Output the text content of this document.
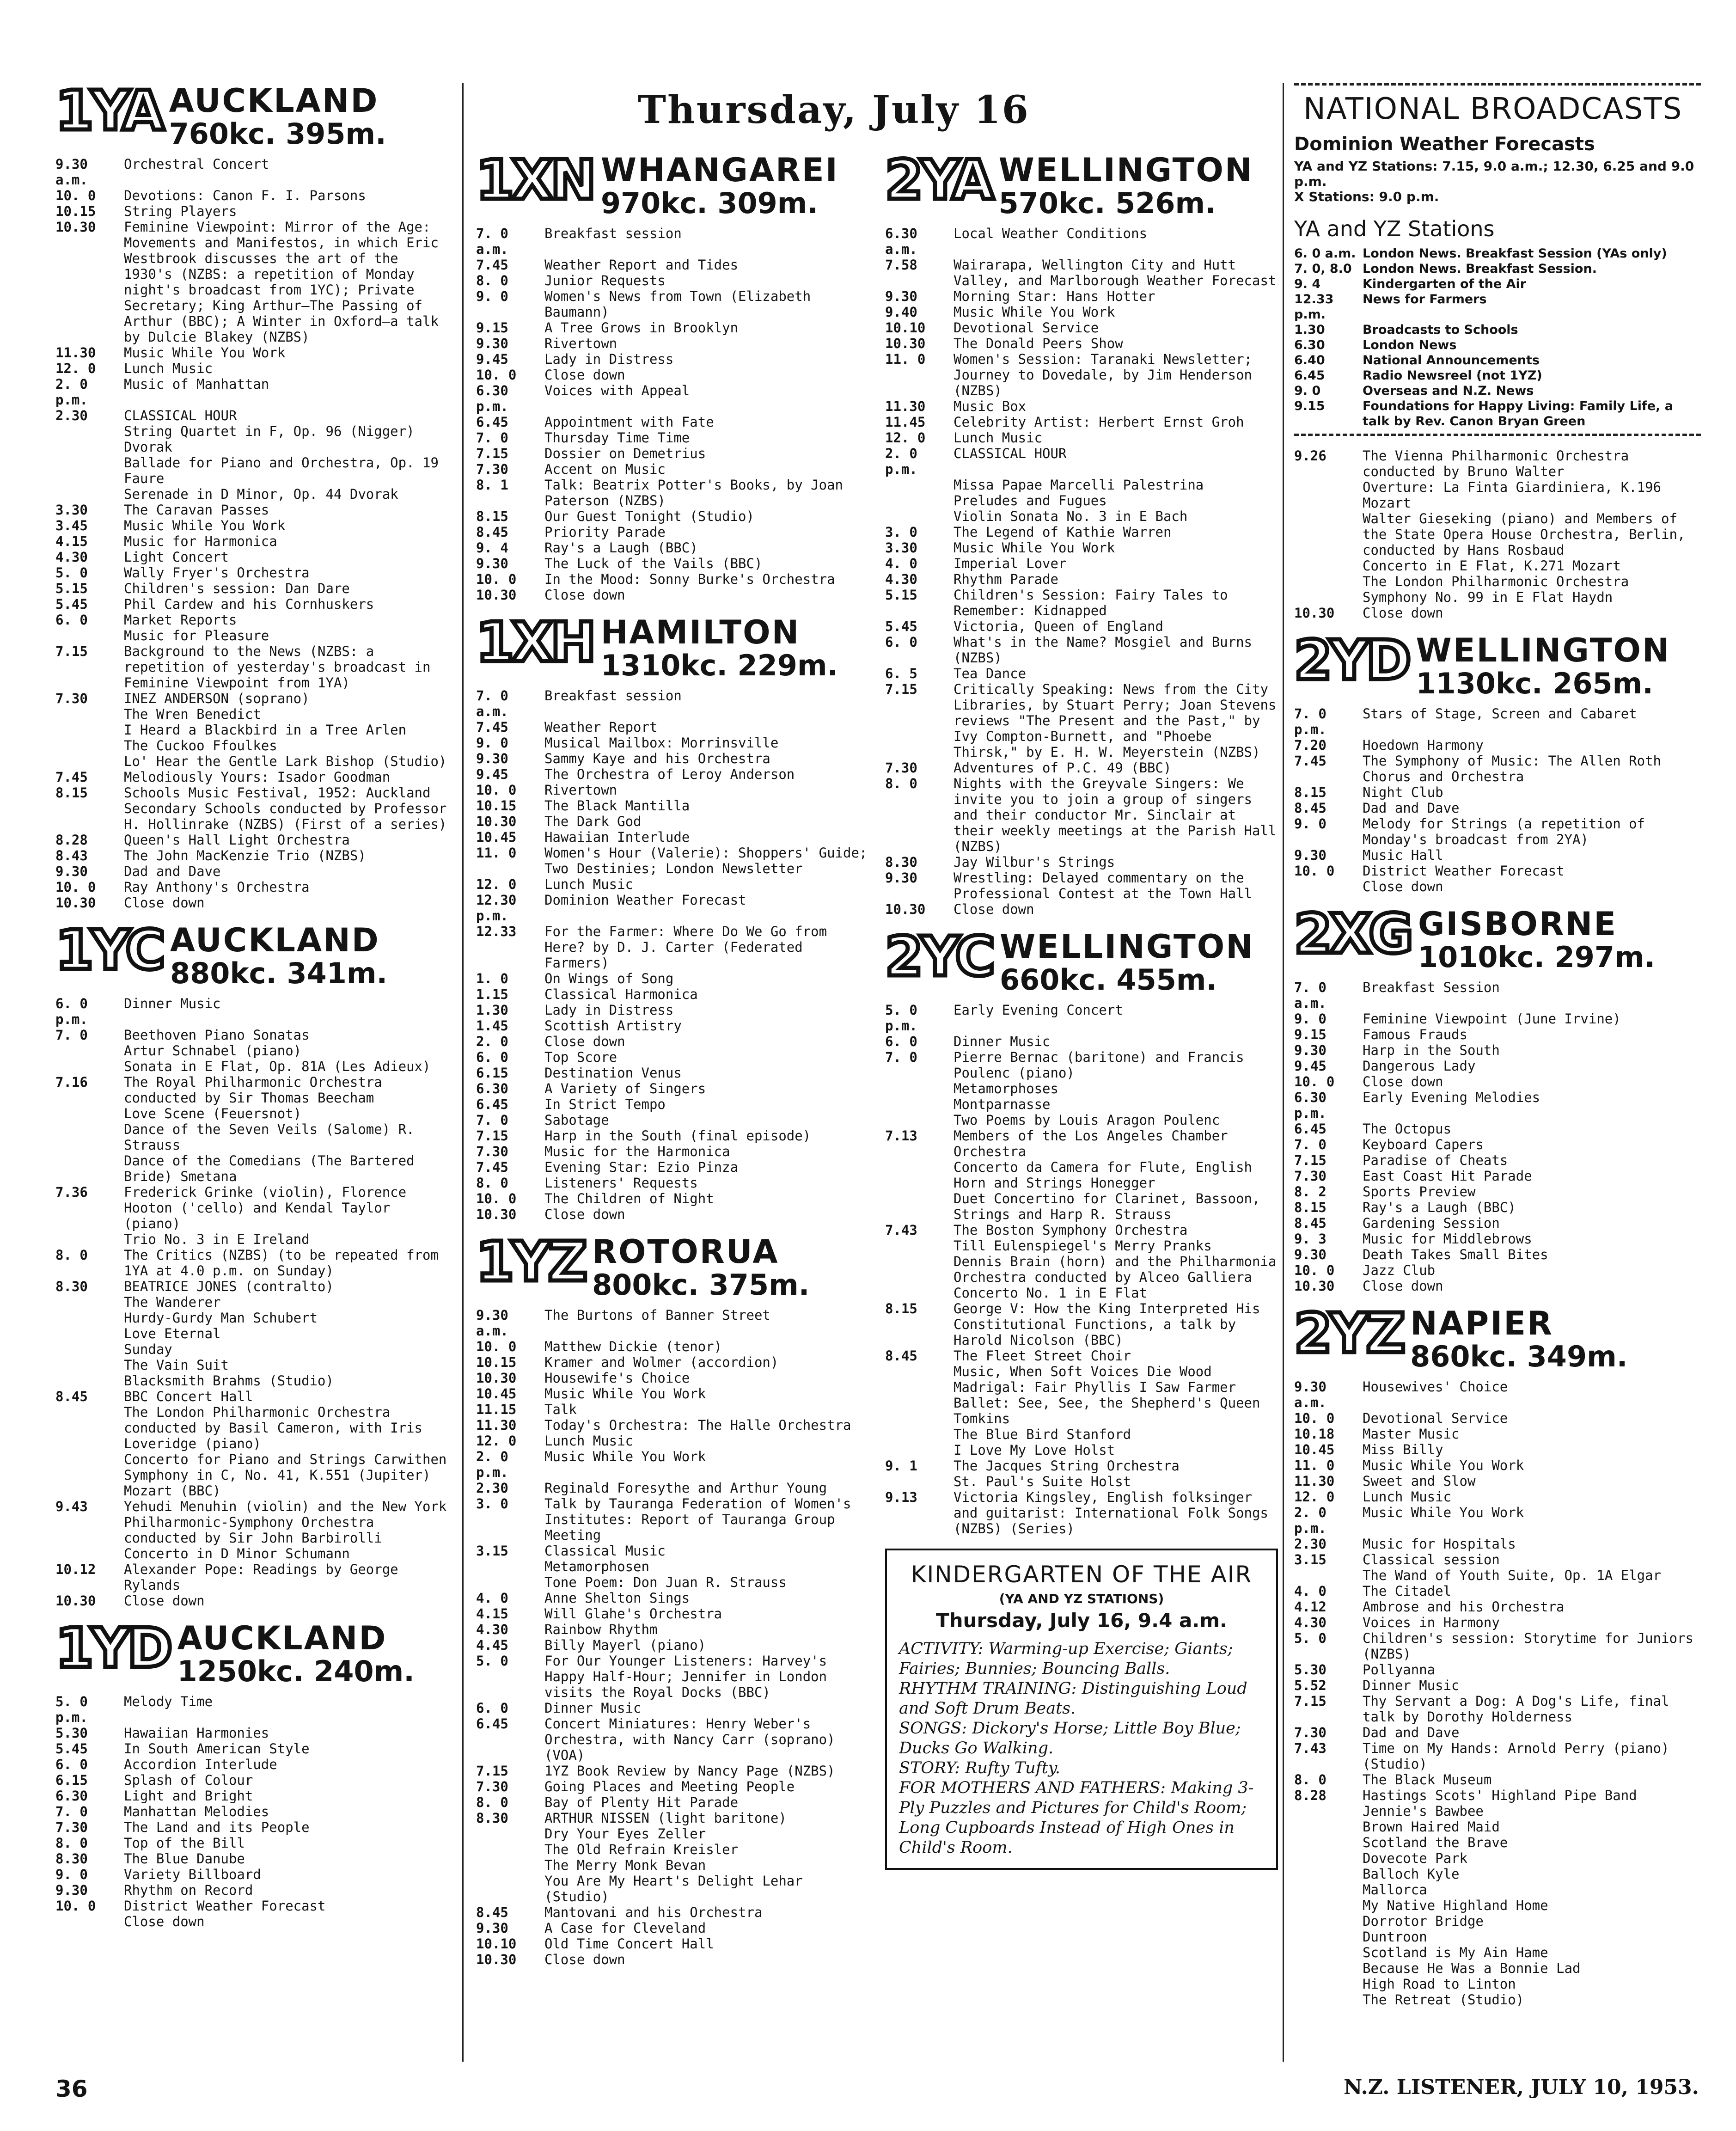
Thursday, July 16
1YA AUCKLAND
760kc. 395m.
9.30 a.m.
Orchestral Concert
10. 0	Devotions: Canon F. I. Parsons
10.15	String Players
10.30	Feminine Viewpoint: Mirror of the Age: Movements and Manifestos, in which Eric Westbrook discusses the art of the 1930's (NZBS: a repetition of Monday night's broadcast from 1YC); Private Secretary; King Arthur—The Passing of Arthur (BBC); A Winter in Oxford—a talk by Dulcie Blakey (NZBS)
11.30	Music While You Work
12. 0	Lunch Music
2. 0 p.m.
Music of Manhattan
2.30	CLASSICAL HOUR
String Quartet in F, Op. 96 (Nigger) Dvorak
Ballade for Piano and Orchestra, Op. 19 Faure
Serenade in D Minor, Op. 44 Dvorak
3.30	The Caravan Passes
3.45	Music While You Work
4.15	Music for Harmonica
4.30	Light Concert
5. 0	Wally Fryer's Orchestra
5.15	Children's session: Dan Dare
5.45	Phil Cardew and his Cornhuskers
6. 0	Market Reports
Music for Pleasure
7.15	Background to the News (NZBS: a repetition of yesterday's broadcast in Feminine Viewpoint from 1YA)
7.30	INEZ ANDERSON (soprano)
The Wren Benedict
I Heard a Blackbird in a Tree Arlen
The Cuckoo Ffoulkes
Lo' Hear the Gentle Lark Bishop (Studio)
7.45	Melodiously Yours: Isador Goodman
8.15	Schools Music Festival, 1952: Auckland Secondary Schools conducted by Professor H. Hollinrake (NZBS) (First of a series)
8.28	Queen's Hall Light Orchestra
8.43	The John MacKenzie Trio (NZBS)
9.30	Dad and Dave
10. 0	Ray Anthony's Orchestra
10.30	Close down
1YC AUCKLAND
880kc. 341m.
6. 0 p.m.
Dinner Music
7. 0	Beethoven Piano Sonatas
Artur Schnabel (piano)
Sonata in E Flat, Op. 81A (Les Adieux)
7.16	The Royal Philharmonic Orchestra conducted by Sir Thomas Beecham
Love Scene (Feuersnot)
Dance of the Seven Veils (Salome) R. Strauss
Dance of the Comedians (The Bartered Bride) Smetana
7.36	Frederick Grinke (violin), Florence Hooton ('cello) and Kendal Taylor (piano)
Trio No. 3 in E Ireland
8. 0	The Critics (NZBS) (to be repeated from 1YA at 4.0 p.m. on Sunday)
8.30	BEATRICE JONES (contralto)
The Wanderer
Hurdy-Gurdy Man Schubert
Love Eternal
Sunday
The Vain Suit
Blacksmith Brahms (Studio)
8.45	BBC Concert Hall
The London Philharmonic Orchestra conducted by Basil Cameron, with Iris Loveridge (piano)
Concerto for Piano and Strings Carwithen
Symphony in C, No. 41, K.551 (Jupiter) Mozart (BBC)
9.43	Yehudi Menuhin (violin) and the New York Philharmonic-Symphony Orchestra conducted by Sir John Barbirolli
Concerto in D Minor Schumann
10.12	Alexander Pope: Readings by George Rylands
10.30	Close down
1YD AUCKLAND
1250kc. 240m.
5. 0 p.m.
Melody Time
5.30	Hawaiian Harmonies
5.45	In South American Style
6. 0	Accordion Interlude
6.15	Splash of Colour
6.30	Light and Bright
7. 0	Manhattan Melodies
7.30	The Land and its People
8. 0	Top of the Bill
8.30	The Blue Danube
9. 0	Variety Billboard
9.30	Rhythm on Record
10. 0	District Weather Forecast
Close down
1XN WHANGAREI
970kc. 309m.
7. 0 a.m.
Breakfast session
7.45	Weather Report and Tides
8. 0	Junior Requests
9. 0	Women's News from Town (Elizabeth Baumann)
9.15	A Tree Grows in Brooklyn
9.30	Rivertown
9.45	Lady in Distress
10. 0	Close down
6.30 p.m.
Voices with Appeal
6.45	Appointment with Fate
7. 0	Thursday Time Time
7.15	Dossier on Demetrius
7.30	Accent on Music
8. 1	Talk: Beatrix Potter's Books, by Joan Paterson (NZBS)
8.15	Our Guest Tonight (Studio)
8.45	Priority Parade
9. 4	Ray's a Laugh (BBC)
9.30	The Luck of the Vails (BBC)
10. 0	In the Mood: Sonny Burke's Orchestra
10.30	Close down
1XH HAMILTON
1310kc. 229m.
7. 0 a.m.
Breakfast session
7.45	Weather Report
9. 0	Musical Mailbox: Morrinsville
9.30	Sammy Kaye and his Orchestra
9.45	The Orchestra of Leroy Anderson
10. 0	Rivertown
10.15	The Black Mantilla
10.30	The Dark God
10.45	Hawaiian Interlude
11. 0	Women's Hour (Valerie): Shoppers' Guide; Two Destinies; London Newsletter
12. 0	Lunch Music
12.30 p.m.
Dominion Weather Forecast
12.33	For the Farmer: Where Do We Go from Here? by D. J. Carter (Federated Farmers)
1. 0	On Wings of Song
1.15	Classical Harmonica
1.30	Lady in Distress
1.45	Scottish Artistry
2. 0	Close down
6. 0	Top Score
6.15	Destination Venus
6.30	A Variety of Singers
6.45	In Strict Tempo
7. 0	Sabotage
7.15	Harp in the South (final episode)
7.30	Music for the Harmonica
7.45	Evening Star: Ezio Pinza
8. 0	Listeners' Requests
10. 0	The Children of Night
10.30	Close down
1YZ ROTORUA
800kc. 375m.
9.30 a.m.
The Burtons of Banner Street
10. 0	Matthew Dickie (tenor)
10.15	Kramer and Wolmer (accordion)
10.30	Housewife's Choice
10.45	Music While You Work
11.15	Talk
11.30	Today's Orchestra: The Halle Orchestra
12. 0	Lunch Music
2. 0 p.m.
Music While You Work
2.30	Reginald Foresythe and Arthur Young
3. 0	Talk by Tauranga Federation of Women's Institutes: Report of Tauranga Group Meeting
3.15	Classical Music
Metamorphosen
Tone Poem: Don Juan R. Strauss
4. 0	Anne Shelton Sings
4.15	Will Glahe's Orchestra
4.30	Rainbow Rhythm
4.45	Billy Mayerl (piano)
5. 0	For Our Younger Listeners: Harvey's Happy Half-Hour; Jennifer in London visits the Royal Docks (BBC)
6. 0	Dinner Music
6.45	Concert Miniatures: Henry Weber's Orchestra, with Nancy Carr (soprano) (VOA)
7.15	1YZ Book Review by Nancy Page (NZBS)
7.30	Going Places and Meeting People
8. 0	Bay of Plenty Hit Parade
8.30	ARTHUR NISSEN (light baritone)
Dry Your Eyes Zeller
The Old Refrain Kreisler
The Merry Monk Bevan
You Are My Heart's Delight Lehar (Studio)
8.45	Mantovani and his Orchestra
9.30	A Case for Cleveland
10.10	Old Time Concert Hall
10.30	Close down
2YA WELLINGTON
570kc. 526m.
6.30 a.m.
Local Weather Conditions
7.58	Wairarapa, Wellington City and Hutt Valley, and Marlborough Weather Forecast
9.30	Morning Star: Hans Hotter
9.40	Music While You Work
10.10	Devotional Service
10.30	The Donald Peers Show
11. 0	Women's Session: Taranaki Newsletter; Journey to Dovedale, by Jim Henderson (NZBS)
11.30	Music Box
11.45	Celebrity Artist: Herbert Ernst Groh
12. 0	Lunch Music
2. 0 p.m.
CLASSICAL HOUR
Missa Papae Marcelli Palestrina
Preludes and Fugues
Violin Sonata No. 3 in E Bach
3. 0	The Legend of Kathie Warren
3.30	Music While You Work
4. 0	Imperial Lover
4.30	Rhythm Parade
5.15	Children's Session: Fairy Tales to Remember: Kidnapped
5.45	Victoria, Queen of England
6. 0	What's in the Name? Mosgiel and Burns (NZBS)
6. 5	Tea Dance
7.15	Critically Speaking: News from the City Libraries, by Stuart Perry; Joan Stevens reviews "The Present and the Past," by Ivy Compton-Burnett, and "Phoebe Thirsk," by E. H. W. Meyerstein (NZBS)
7.30	Adventures of P.C. 49 (BBC)
8. 0	Nights with the Greyvale Singers: We invite you to join a group of singers and their conductor Mr. Sinclair at their weekly meetings at the Parish Hall (NZBS)
8.30	Jay Wilbur's Strings
9.30	Wrestling: Delayed commentary on the Professional Contest at the Town Hall
10.30	Close down
2YC WELLINGTON
660kc. 455m.
5. 0 p.m.
Early Evening Concert
6. 0	Dinner Music
7. 0	Pierre Bernac (baritone) and Francis Poulenc (piano)
Metamorphoses
Montparnasse
Two Poems by Louis Aragon Poulenc
7.13	Members of the Los Angeles Chamber Orchestra
Concerto da Camera for Flute, English Horn and Strings Honegger
Duet Concertino for Clarinet, Bassoon, Strings and Harp R. Strauss
7.43	The Boston Symphony Orchestra
Till Eulenspiegel's Merry Pranks
Dennis Brain (horn) and the Philharmonia Orchestra conducted by Alceo Galliera
Concerto No. 1 in E Flat
8.15	George V: How the King Interpreted His Constitutional Functions, a talk by Harold Nicolson (BBC)
8.45	The Fleet Street Choir
Music, When Soft Voices Die Wood
Madrigal: Fair Phyllis I Saw Farmer
Ballet: See, See, the Shepherd's Queen Tomkins
The Blue Bird Stanford
I Love My Love Holst
9. 1	The Jacques String Orchestra
St. Paul's Suite Holst
9.13	Victoria Kingsley, English folksinger and guitarist: International Folk Songs (NZBS) (Series)
KINDERGARTEN OF THE AIR
(YA AND YZ STATIONS)
Thursday, July 16, 9.4 a.m.
ACTIVITY: Warming-up Exercise; Giants; Fairies; Bunnies; Bouncing Balls.
RHYTHM TRAINING: Distinguishing Loud and Soft Drum Beats.
SONGS: Dickory's Horse; Little Boy Blue; Ducks Go Walking.
STORY: Rufty Tufty.
FOR MOTHERS AND FATHERS: Making 3-Ply Puzzles and Pictures for Child's Room; Long Cupboards Instead of High Ones in Child's Room.
NATIONAL BROADCASTS
Dominion Weather Forecasts
YA and YZ Stations: 7.15, 9.0 a.m.; 12.30, 6.25 and 9.0 p.m.
X Stations: 9.0 p.m.
YA and YZ Stations
6. 0 a.m. London News. Breakfast Session (YAs only)
7. 0, 8.0 London News. Breakfast Session.
9. 4	Kindergarten of the Air
12.33 p.m.
News for Farmers
1.30	Broadcasts to Schools
6.30	London News
6.40	National Announcements
6.45	Radio Newsreel (not 1YZ)
9. 0	Overseas and N.Z. News
9.15	Foundations for Happy Living: Family Life, a talk by Rev. Canon Bryan Green
9.26	The Vienna Philharmonic Orchestra conducted by Bruno Walter
Overture: La Finta Giardiniera, K.196 Mozart
Walter Gieseking (piano) and Members of the State Opera House Orchestra, Berlin, conducted by Hans Rosbaud
Concerto in E Flat, K.271 Mozart
The London Philharmonic Orchestra
Symphony No. 99 in E Flat Haydn
10.30	Close down
2YD WELLINGTON
1130kc. 265m.
7. 0 p.m.
Stars of Stage, Screen and Cabaret
7.20	Hoedown Harmony
7.45	The Symphony of Music: The Allen Roth Chorus and Orchestra
8.15	Night Club
8.45	Dad and Dave
9. 0	Melody for Strings (a repetition of Monday's broadcast from 2YA)
9.30	Music Hall
10. 0	District Weather Forecast
Close down
2XG GISBORNE
1010kc. 297m.
7. 0 a.m.
Breakfast Session
9. 0	Feminine Viewpoint (June Irvine)
9.15	Famous Frauds
9.30	Harp in the South
9.45	Dangerous Lady
10. 0	Close down
6.30 p.m.
Early Evening Melodies
6.45	The Octopus
7. 0	Keyboard Capers
7.15	Paradise of Cheats
7.30	East Coast Hit Parade
8. 2	Sports Preview
8.15	Ray's a Laugh (BBC)
8.45	Gardening Session
9. 3	Music for Middlebrows
9.30	Death Takes Small Bites
10. 0	Jazz Club
10.30	Close down
2YZ NAPIER
860kc. 349m.
9.30 a.m.
Housewives' Choice
10. 0	Devotional Service
10.18	Master Music
10.45	Miss Billy
11. 0	Music While You Work
11.30	Sweet and Slow
12. 0	Lunch Music
2. 0 p.m.
Music While You Work
2.30	Music for Hospitals
3.15	Classical session
The Wand of Youth Suite, Op. 1A Elgar
4. 0	The Citadel
4.12	Ambrose and his Orchestra
4.30	Voices in Harmony
5. 0	Children's session: Storytime for Juniors (NZBS)
5.30	Pollyanna
5.52	Dinner Music
7.15	Thy Servant a Dog: A Dog's Life, final talk by Dorothy Holderness
7.30	Dad and Dave
7.43	Time on My Hands: Arnold Perry (piano) (Studio)
8. 0	The Black Museum
8.28	Hastings Scots' Highland Pipe Band
Jennie's Bawbee
Brown Haired Maid
Scotland the Brave
Dovecote Park
Balloch Kyle
Mallorca
My Native Highland Home
Dorrotor Bridge
Duntroon
Scotland is My Ain Hame
Because He Was a Bonnie Lad
High Road to Linton
The Retreat (Studio)
36	N.Z. LISTENER, JULY 10, 1953.
